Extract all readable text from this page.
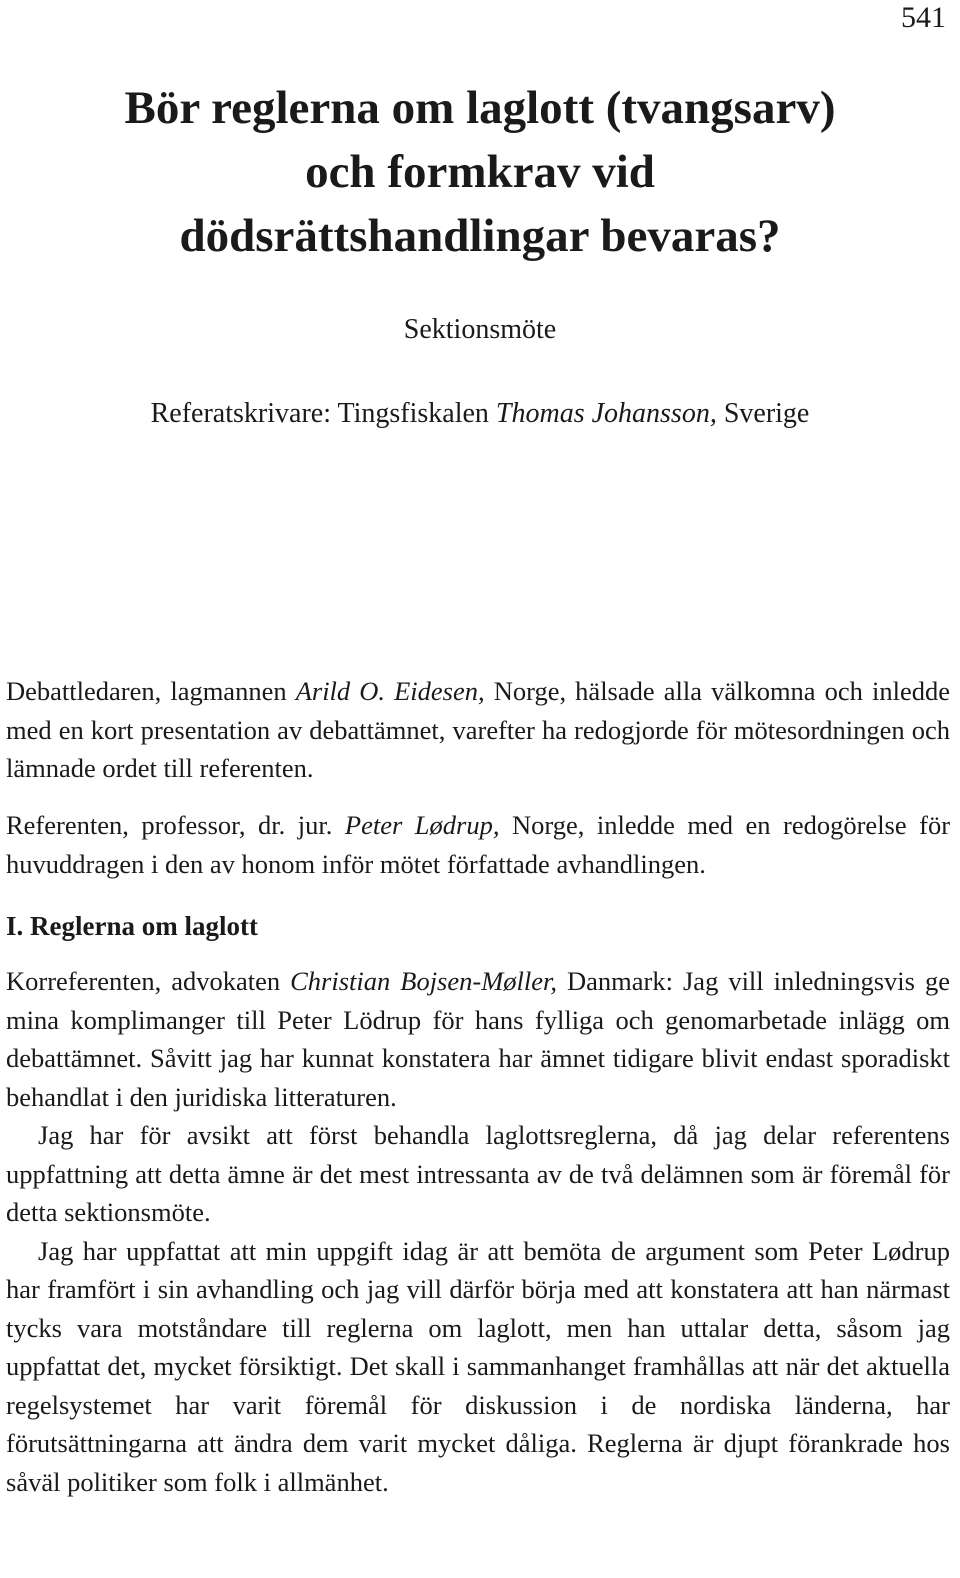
541
Bör reglerna om laglott (tvangsarv)
och formkrav vid
dödsrättshandlingar bevaras?
Sektionsmöte
Referatskrivare: Tingsfiskalen Thomas Johansson, Sverige

Debattledaren, lagmannen Arild O. Eidesen, Norge, hälsade alla välkomna och inledde med en kort presentation av debattämnet, varefter ha redogjorde för mötesordningen och lämnade ordet till referenten.

Referenten, professor, dr. jur. Peter Lødrup, Norge, inledde med en redogörelse för huvuddragen i den av honom inför mötet författade avhandlingen.

I. Reglerna om laglott

Korreferenten, advokaten Christian Bojsen-Møller, Danmark: Jag vill inledningsvis ge mina komplimanger till Peter Lödrup för hans fylliga och genomarbetade inlägg om debattämnet. Såvitt jag har kunnat konstatera har ämnet tidigare blivit endast sporadiskt behandlat i den juridiska litteraturen.

Jag har för avsikt att först behandla laglottsreglerna, då jag delar referentens uppfattning att detta ämne är det mest intressanta av de två delämnen som är föremål för detta sektionsmöte.

Jag har uppfattat att min uppgift idag är att bemöta de argument som Peter Lødrup har framfört i sin avhandling och jag vill därför börja med att konstatera att han närmast tycks vara motståndare till reglerna om laglott, men han uttalar detta, såsom jag uppfattat det, mycket försiktigt. Det skall i sammanhanget framhållas att när det aktuella regelsystemet har varit föremål för diskussion i de nordiska länderna, har förutsättningarna att ändra dem varit mycket dåliga. Reglerna är djupt förankrade hos såväl politiker som folk i allmänhet.
